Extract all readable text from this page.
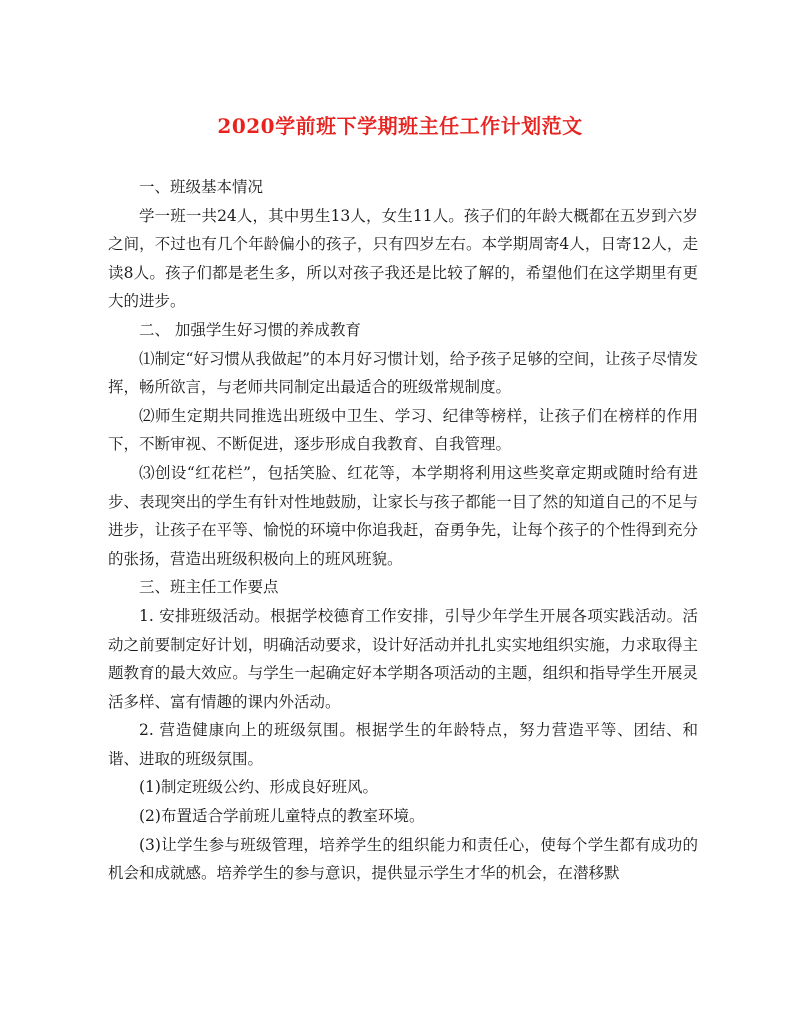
2020学前班下学期班主任工作计划范文

一、班级基本情况

学一班一共24人，其中男生13人，女生11人。孩子们的年龄大概都在五岁到六岁之间，不过也有几个年龄偏小的孩子，只有四岁左右。本学期周寄4人，日寄12人，走读8人。孩子们都是老生多，所以对孩子我还是比较了解的，希望他们在这学期里有更大的进步。

二、 加强学生好习惯的养成教育

⑴制定“好习惯从我做起”的本月好习惯计划，给予孩子足够的空间，让孩子尽情发挥，畅所欲言，与老师共同制定出最适合的班级常规制度。

⑵师生定期共同推选出班级中卫生、学习、纪律等榜样，让孩子们在榜样的作用下，不断审视、不断促进，逐步形成自我教育、自我管理。

⑶创设“红花栏”，包括笑脸、红花等，本学期将利用这些奖章定期或随时给有进步、表现突出的学生有针对性地鼓励，让家长与孩子都能一目了然的知道自己的不足与进步，让孩子在平等、愉悦的环境中你追我赶，奋勇争先，让每个孩子的个性得到充分的张扬，营造出班级积极向上的班风班貌。

三、班主任工作要点

1. 安排班级活动。根据学校德育工作安排，引导少年学生开展各项实践活动。活动之前要制定好计划，明确活动要求，设计好活动并扎扎实实地组织实施，力求取得主题教育的最大效应。与学生一起确定好本学期各项活动的主题，组织和指导学生开展灵活多样、富有情趣的课内外活动。

2. 营造健康向上的班级氛围。根据学生的年龄特点，努力营造平等、团结、和谐、进取的班级氛围。

(1)制定班级公约、形成良好班风。

(2)布置适合学前班儿童特点的教室环境。

(3)让学生参与班级管理，培养学生的组织能力和责任心，使每个学生都有成功的机会和成就感。培养学生的参与意识，提供显示学生才华的机会，在潜移默
